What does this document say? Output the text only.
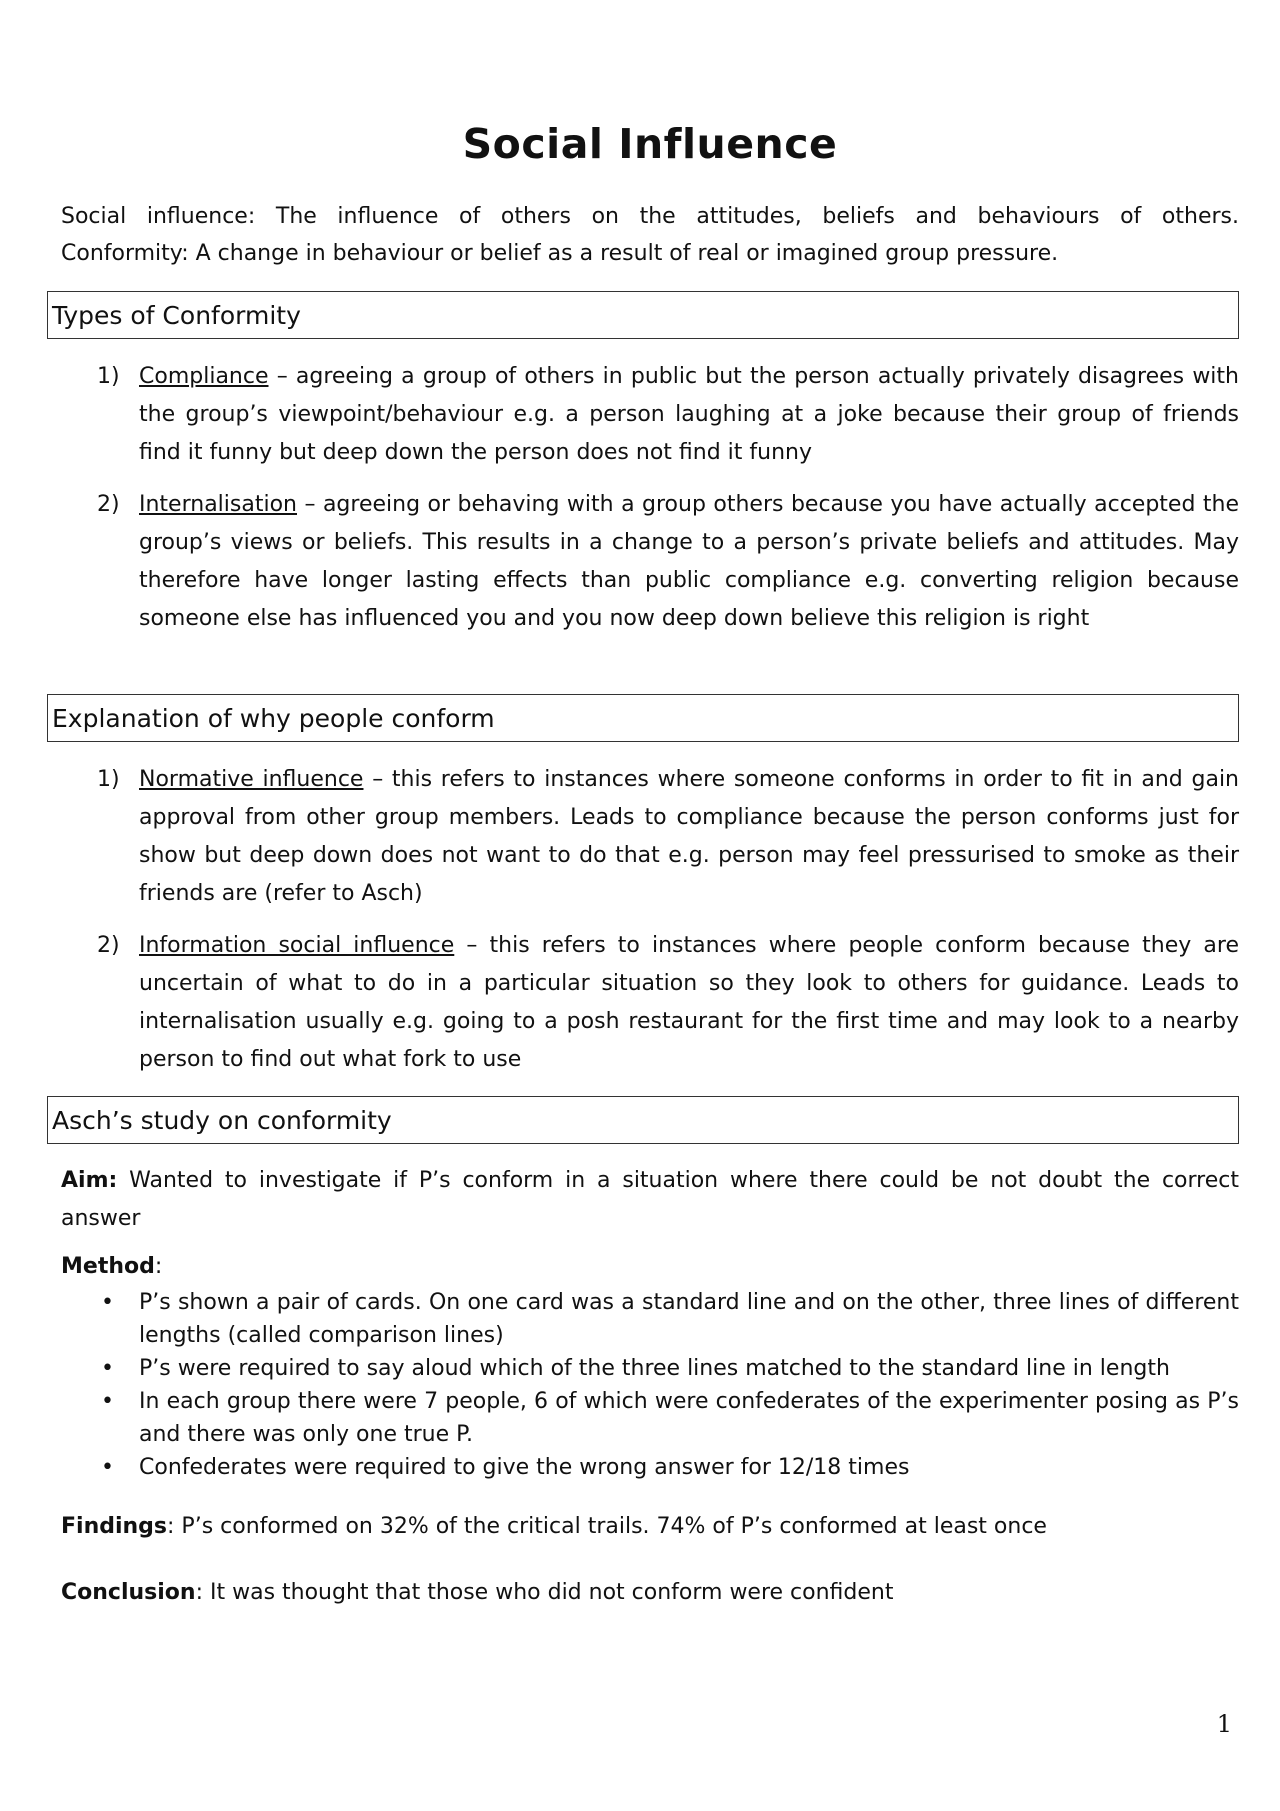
Social Influence

Social influence: The influence of others on the attitudes, beliefs and behaviours of others.

Conformity: A change in behaviour or belief as a result of real or imagined group pressure.

Types of Conformity
1) Compliance – agreeing a group of others in public but the person actually privately disagrees with the group’s viewpoint/behaviour e.g. a person laughing at a joke because their group of friends find it funny but deep down the person does not find it funny
2) Internalisation – agreeing or behaving with a group others because you have actually accepted the group’s views or beliefs. This results in a change to a person’s private beliefs and attitudes. May therefore have longer lasting effects than public compliance e.g. converting religion because someone else has influenced you and you now deep down believe this religion is right
Explanation of why people conform
1) Normative influence – this refers to instances where someone conforms in order to fit in and gain approval from other group members. Leads to compliance because the person conforms just for show but deep down does not want to do that e.g. person may feel pressurised to smoke as their friends are (refer to Asch)
2) Information social influence – this refers to instances where people conform because they are uncertain of what to do in a particular situation so they look to others for guidance. Leads to internalisation usually e.g. going to a posh restaurant for the first time and may look to a nearby person to find out what fork to use
Asch’s study on conformity

Aim: Wanted to investigate if P’s conform in a situation where there could be not doubt the correct answer

Method:

• P’s shown a pair of cards. On one card was a standard line and on the other, three lines of different lengths (called comparison lines)
• P’s were required to say aloud which of the three lines matched to the standard line in length
• In each group there were 7 people, 6 of which were confederates of the experimenter posing as P’s and there was only one true P.
• Confederates were required to give the wrong answer for 12/18 times

Findings: P’s conformed on 32% of the critical trails. 74% of P’s conformed at least once

Conclusion: It was thought that those who did not conform were confident

1
